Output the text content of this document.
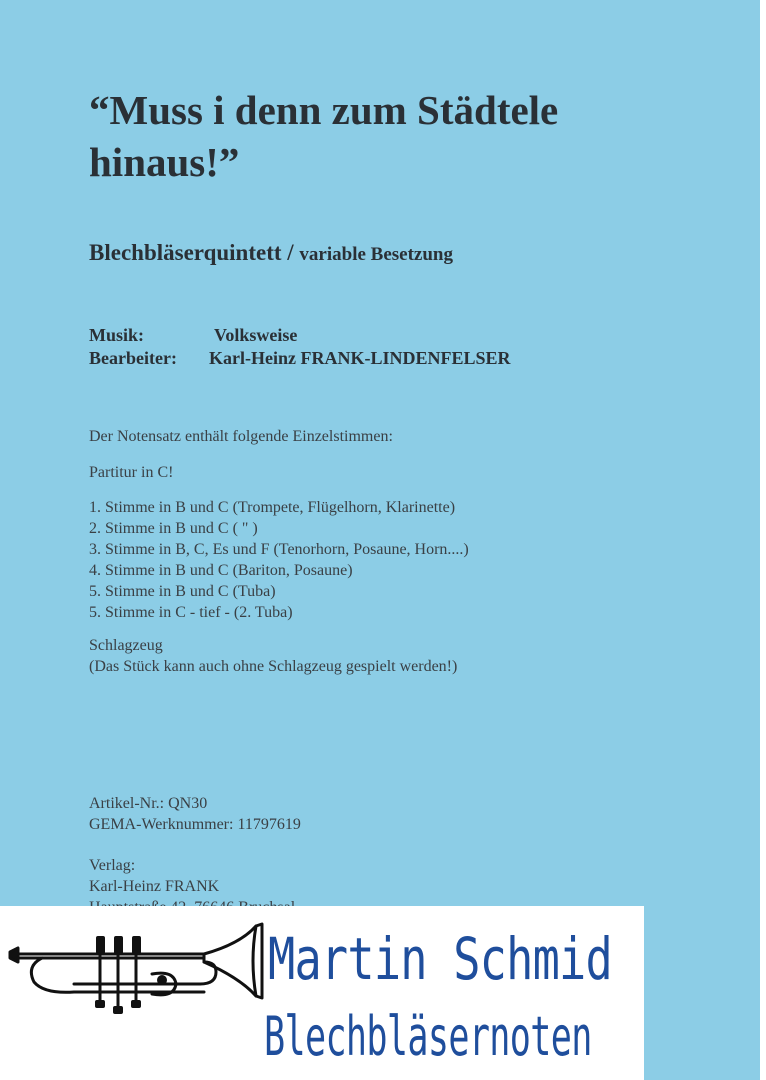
“Muss i denn zum Städtele hinaus!”
Blechbläserquintett / variable Besetzung
Musik:	Volksweise
Bearbeiter:	Karl-Heinz FRANK-LINDENFELSER
Der Notensatz enthält folgende Einzelstimmen:
Partitur in C!
1. Stimme in B und C (Trompete, Flügelhorn, Klarinette)
2. Stimme in B und C ( " )
3. Stimme in B, C, Es und F (Tenorhorn, Posaune, Horn....)
4. Stimme in B und C (Bariton, Posaune)
5. Stimme in B und C (Tuba)
5. Stimme in C - tief - (2. Tuba)
Schlagzeug
(Das Stück kann auch ohne Schlagzeug gespielt werden!)
Artikel-Nr.: QN30
GEMA-Werknummer: 11797619
Verlag:
Karl-Heinz FRANK
Martin Schmid
Blechbläsernoten
